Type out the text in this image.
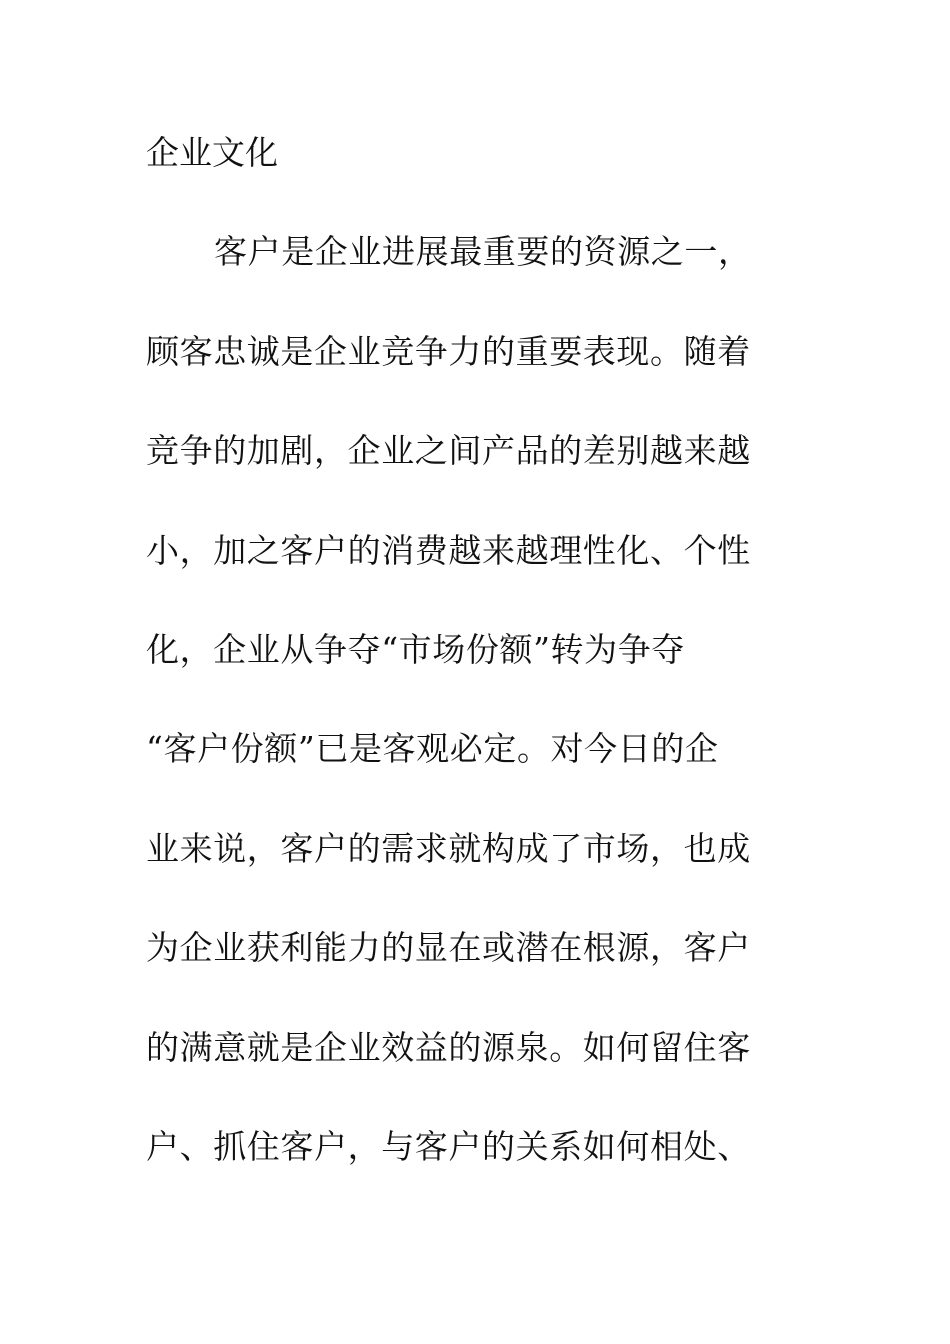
企业文化
客户是企业进展最重要的资源之一，
顾客忠诚是企业竞争力的重要表现。随着
竞争的加剧，企业之间产品的差别越来越
小，加之客户的消费越来越理性化、个性
化，企业从争夺“市场份额”转为争夺
“客户份额”已是客观必定。对今日的企
业来说，客户的需求就构成了市场，也成
为企业获利能力的显在或潜在根源，客户
的满意就是企业效益的源泉。如何留住客
户、抓住客户，与客户的关系如何相处、
